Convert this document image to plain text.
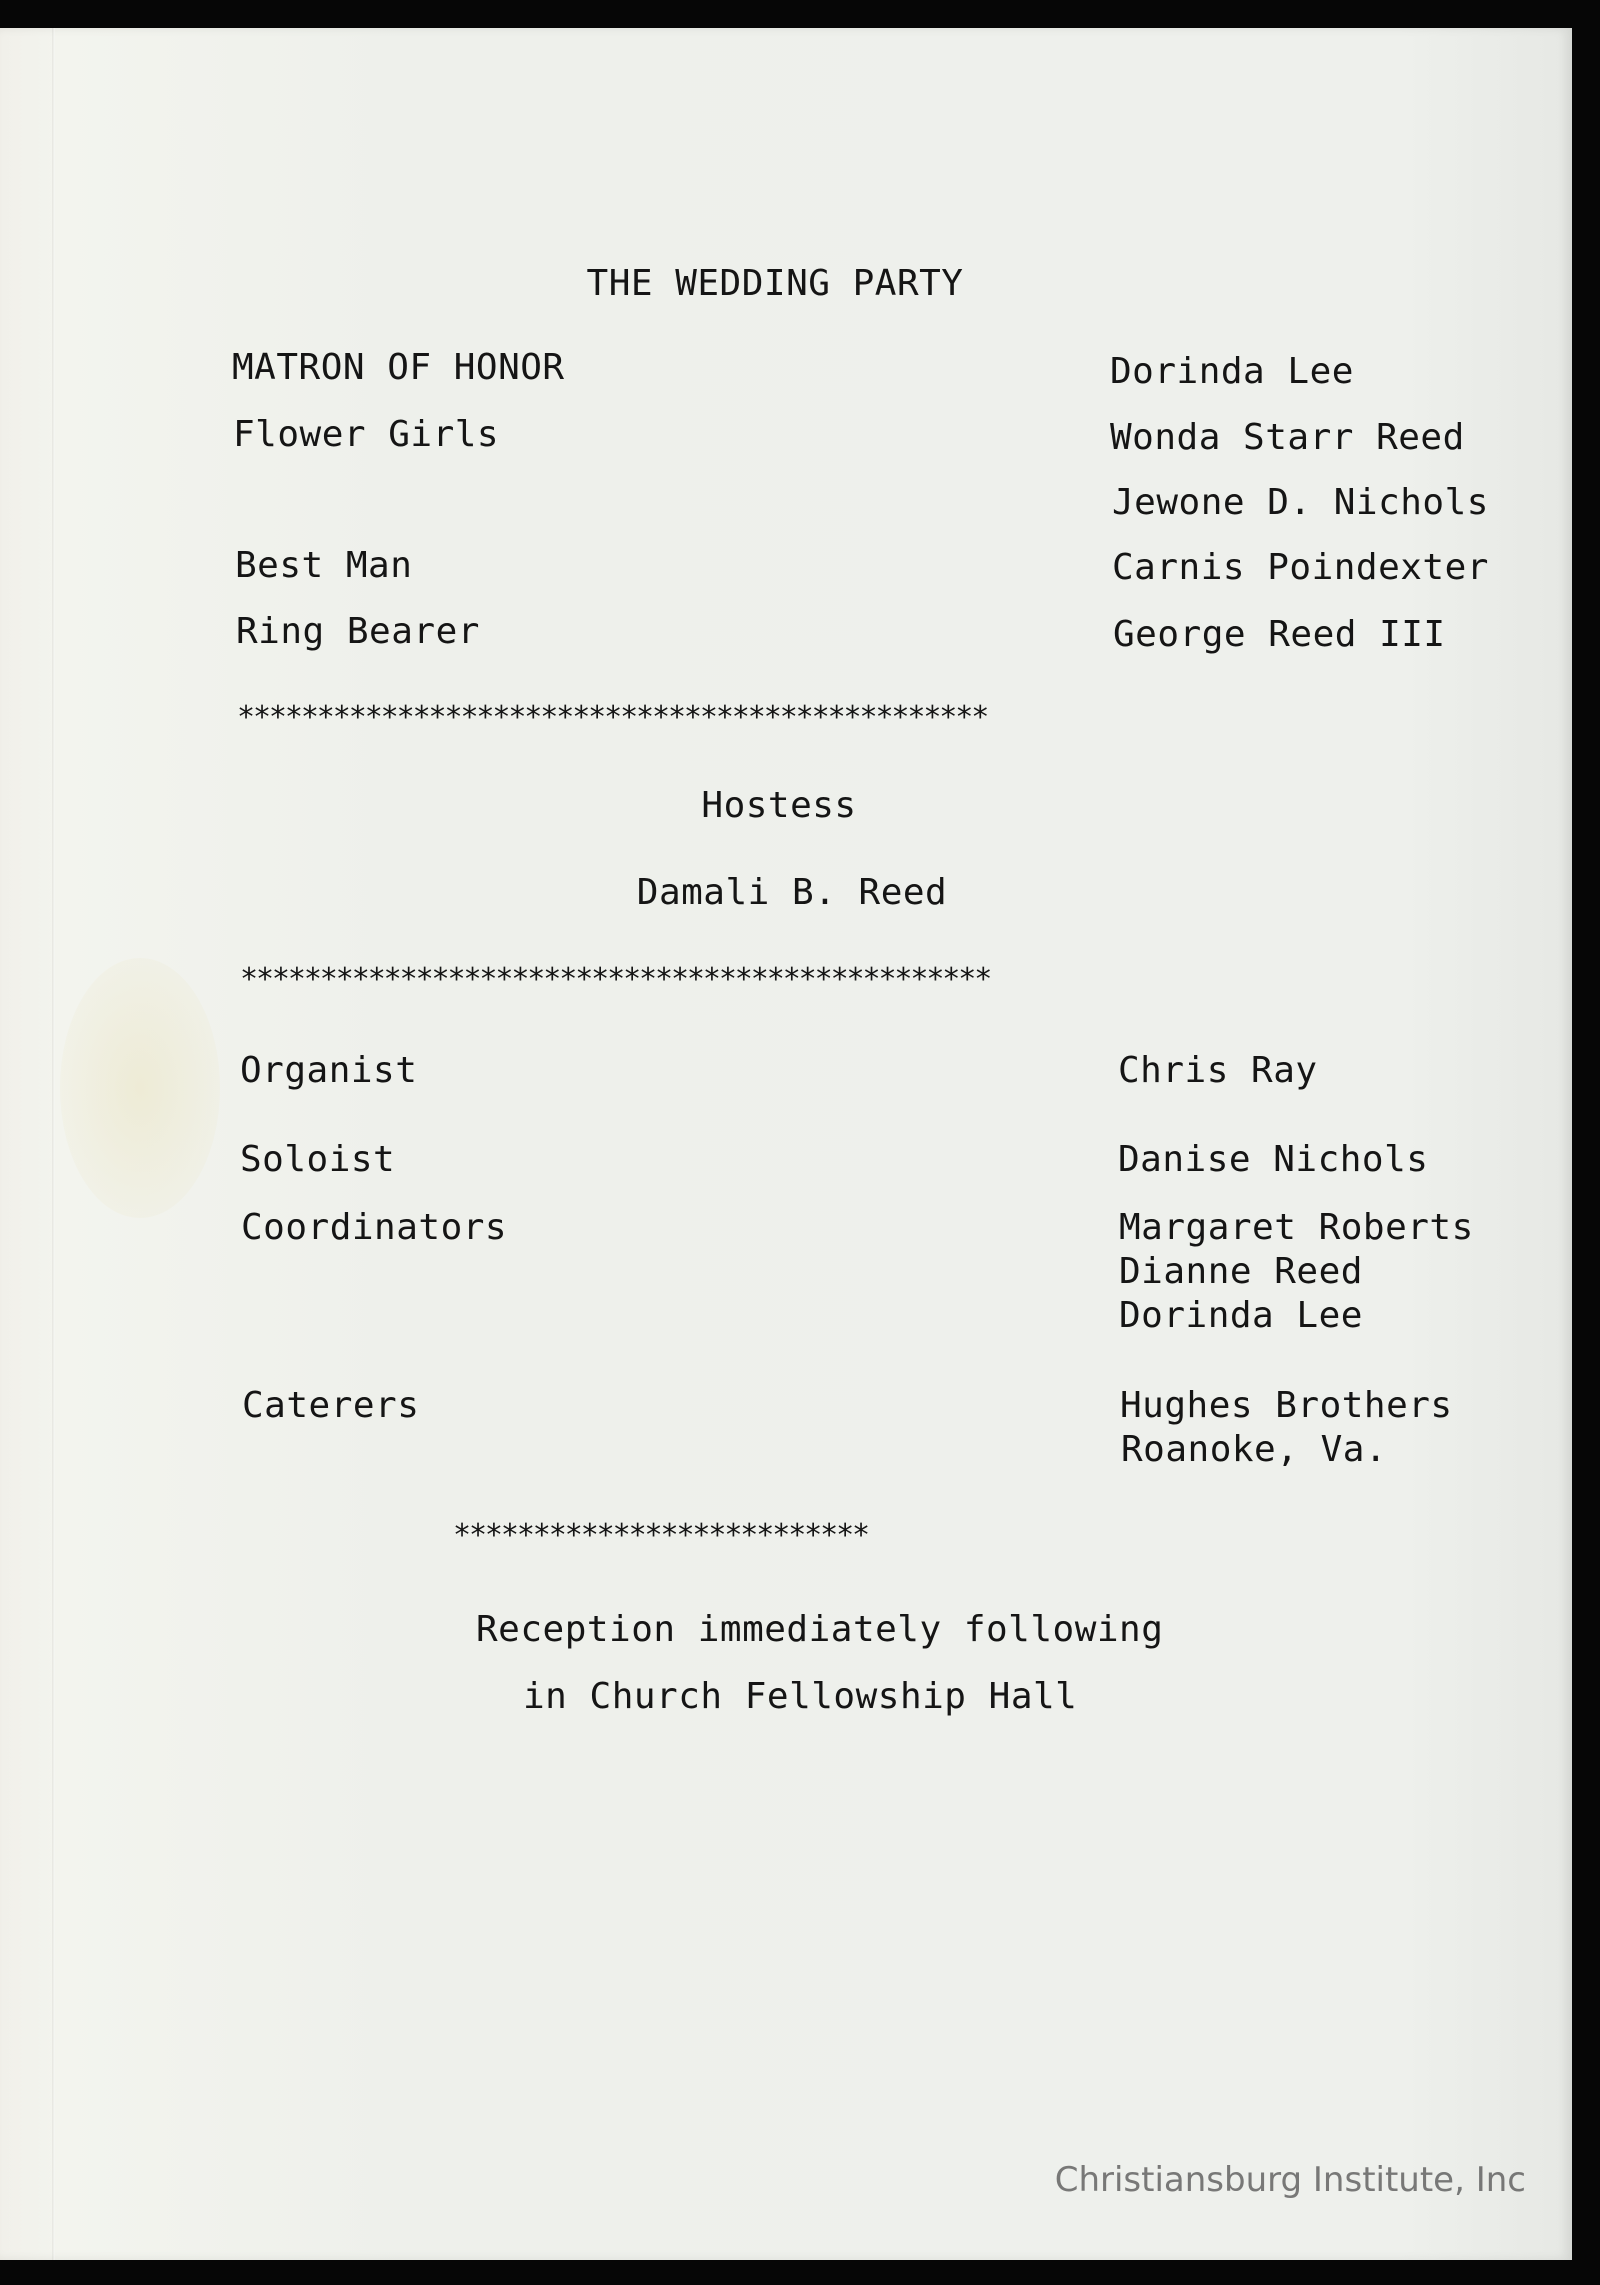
THE WEDDING PARTY

MATRON OF HONOR	Dorinda Lee

Flower Girls	Wonda Starr Reed

Jewone D. Nichols

Best Man	Carnis Poindexter

Ring Bearer	George Reed III

***********************************************

Hostess

Damali B. Reed

***********************************************

Organist	Chris Ray

Soloist	Danise Nichols

Coordinators	Margaret Roberts

Dianne Reed

Dorinda Lee

Caterers	Hughes Brothers

Roanoke, Va.

**************************

Reception immediately following

in Church Fellowship Hall

Christiansburg Institute, Inc
